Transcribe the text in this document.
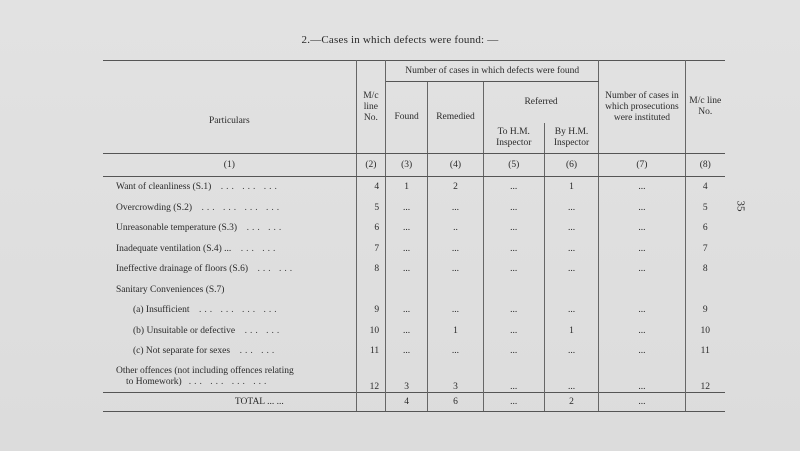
2.—Cases in which defects were found: —
35
Particulars	M/c line No.	Number of cases in which defects were found				Number of cases in which prosecutions were instituted	M/c line No.
		Found	Remedied	Referred			
				To H.M. Inspector	By H.M. Inspector		
(1)	(2)	(3)	(4)	(5)	(6)	(7)	(8)
Want of cleanliness (S.1) ... ... ...	4	1	2	...	1	...	4
Overcrowding (S.2) ... ... ... ...	5	...	...	...	...	...	5
Unreasonable temperature (S.3) ... ...	6	...	..	...	...	...	6
Inadequate ventilation (S.4) ... ... ...	7	...	...	...	...	...	7
Ineffective drainage of floors (S.6) ... ...	8	...	...	...	...	...	8
Sanitary Conveniences (S.7)							
(a) Insufficient ... ... ... ...	9	...	...	...	...	...	9
(b) Unsuitable or defective ... ...	10	...	1	...	1	...	10
(c) Not separate for sexes ... ...	11	...	...	...	...	...	11

Other offences (not including offences relating
to Homework) ... ... ... ...	12	3	3	...	...	...	12
TOTAL ... ...		4	6	...	2	...	
